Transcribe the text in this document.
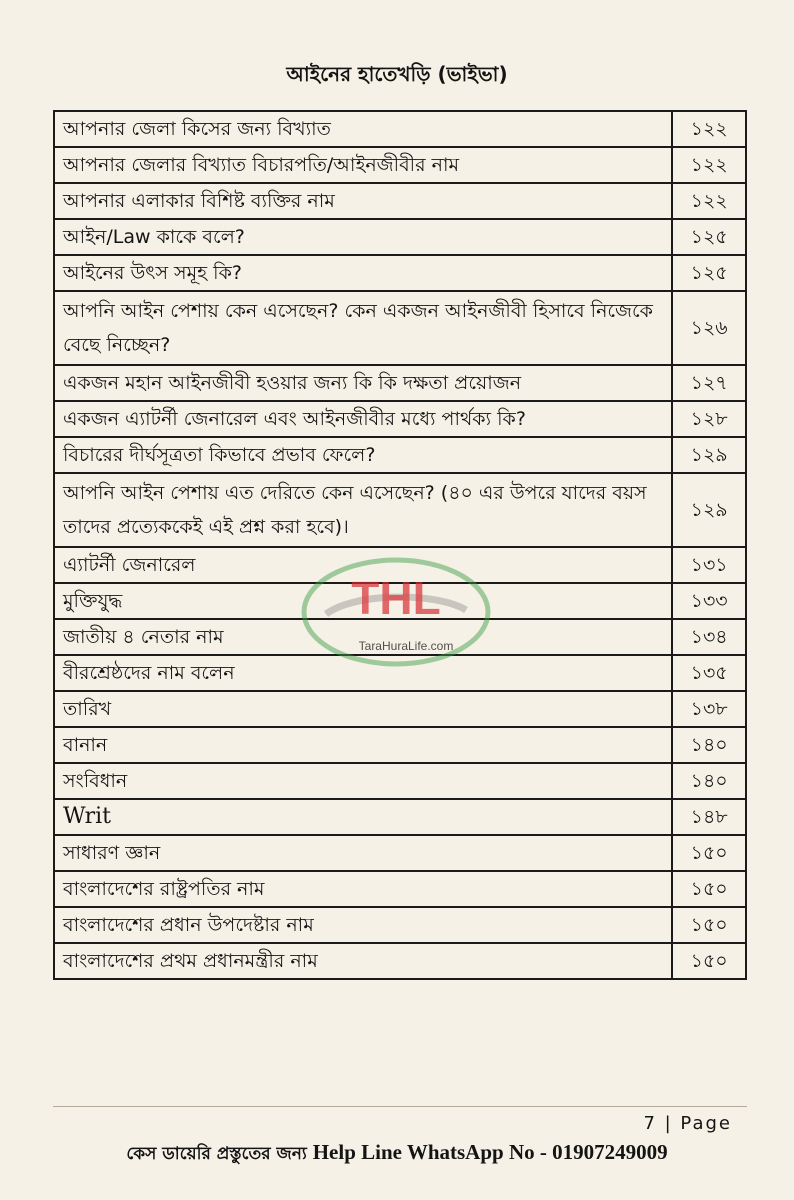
আইনের হাতেখড়ি (ভাইভা)
আপনার জেলা কিসের জন্য বিখ্যাত	১২২
আপনার জেলার বিখ্যাত বিচারপতি/আইনজীবীর নাম	১২২
আপনার এলাকার বিশিষ্ট ব্যক্তির নাম	১২২
আইন/Law কাকে বলে?	১২৫
আইনের উৎস সমূহ কি?	১২৫
আপনি আইন পেশায় কেন এসেছেন? কেন একজন আইনজীবী হিসাবে নিজেকে বেছে নিচ্ছেন?	১২৬
একজন মহান আইনজীবী হওয়ার জন্য কি কি দক্ষতা প্রয়োজন	১২৭
একজন এ্যাটর্নী জেনারেল এবং আইনজীবীর মধ্যে পার্থক্য কি?	১২৮
বিচারের দীর্ঘসূত্রতা কিভাবে প্রভাব ফেলে?	১২৯
আপনি আইন পেশায় এত দেরিতে কেন এসেছেন? (৪০ এর উপরে যাদের বয়স তাদের প্রত্যেককেই এই প্রশ্ন করা হবে)।	১২৯
এ্যাটর্নী জেনারেল	১৩১
মুক্তিযুদ্ধ	১৩৩
জাতীয় ৪ নেতার নাম	১৩৪
বীরশ্রেষ্ঠদের নাম বলেন	১৩৫
তারিখ	১৩৮
বানান	১৪০
সংবিধান	১৪০
Writ	১৪৮
সাধারণ জ্ঞান	১৫০
বাংলাদেশের রাষ্ট্রপতির নাম	১৫০
বাংলাদেশের প্রধান উপদেষ্টার নাম	১৫০
বাংলাদেশের প্রথম প্রধানমন্ত্রীর নাম	১৫০
THL
TaraHuraLife.com
7 | Page
কেস ডায়েরি প্রস্তুতের জন্য Help Line WhatsApp No - 01907249009
